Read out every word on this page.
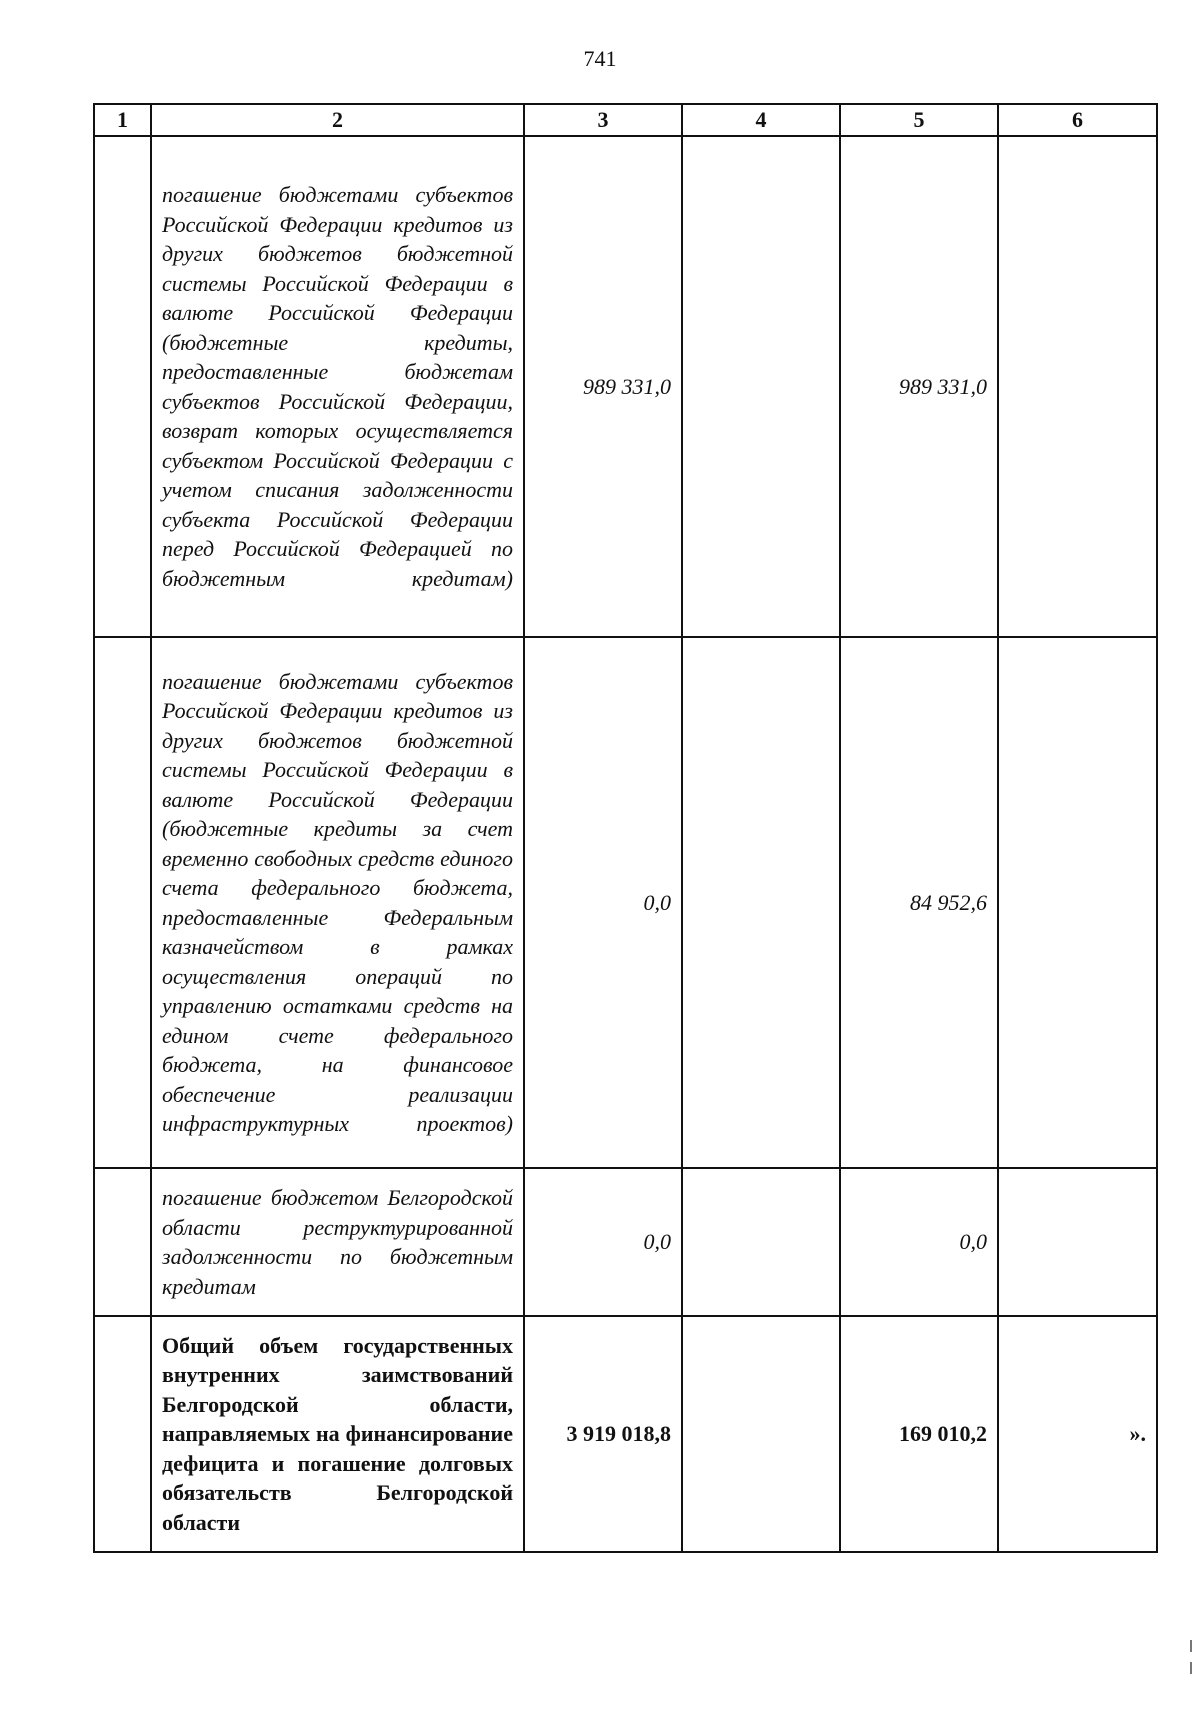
741
1	2	3	4	5	6
	погашение бюджетами субъектов Российской Федерации кредитов из других бюджетов бюджетной системы Российской Федерации в валюте Российской Федерации (бюджетные кредиты, предоставленные бюджетам субъектов Российской Федерации, возврат которых осуществляется субъектом Российской Федерации с учетом списания задолженности субъекта Российской Федерации перед Российской Федерацией по бюджетным кредитам)	989 331,0		989 331,0	
	погашение бюджетами субъектов Российской Федерации кредитов из других бюджетов бюджетной системы Российской Федерации в валюте Российской Федерации (бюджетные кредиты за счет временно свободных средств единого счета федерального бюджета, предоставленные Федеральным казначейством в рамках осуществления операций по управлению остатками средств на едином счете федерального бюджета, на финансовое обеспечение реализации инфраструктурных проектов)	0,0		84 952,6	
	погашение бюджетом Белгородской области реструктурированной задолженности по бюджетным кредитам	0,0		0,0	
	Общий объем государственных внутренних заимствований Белгородской области, направляемых на финансирование дефицита и погашение долговых обязательств Белгородской области	3 919 018,8		169 010,2	».
